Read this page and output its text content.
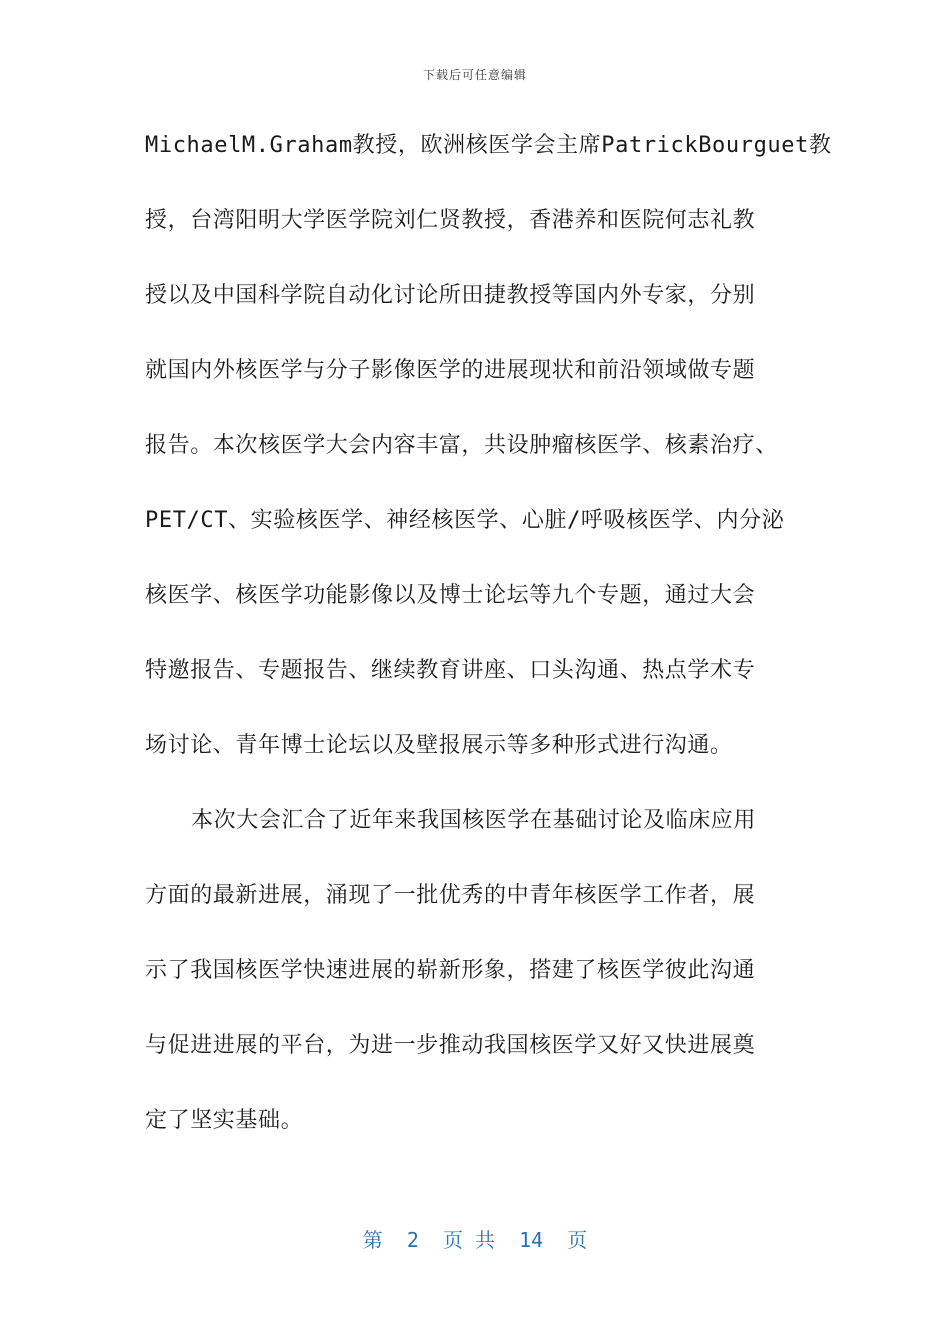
下载后可任意编辑
MichaelM.Graham教授，欧洲核医学会主席PatrickBourguet教
授，台湾阳明大学医学院刘仁贤教授，香港养和医院何志礼教
授以及中国科学院自动化讨论所田捷教授等国内外专家，分别
就国内外核医学与分子影像医学的进展现状和前沿领域做专题
报告。本次核医学大会内容丰富，共设肿瘤核医学、核素治疗、
PET/CT、实验核医学、神经核医学、心脏/呼吸核医学、内分泌
核医学、核医学功能影像以及博士论坛等九个专题，通过大会
特邀报告、专题报告、继续教育讲座、口头沟通、热点学术专
场讨论、青年博士论坛以及壁报展示等多种形式进行沟通。
本次大会汇合了近年来我国核医学在基础讨论及临床应用
方面的最新进展，涌现了一批优秀的中青年核医学工作者，展
示了我国核医学快速进展的崭新形象，搭建了核医学彼此沟通
与促进进展的平台，为进一步推动我国核医学又好又快进展奠
定了坚实基础。
第  2  页 共  14  页
